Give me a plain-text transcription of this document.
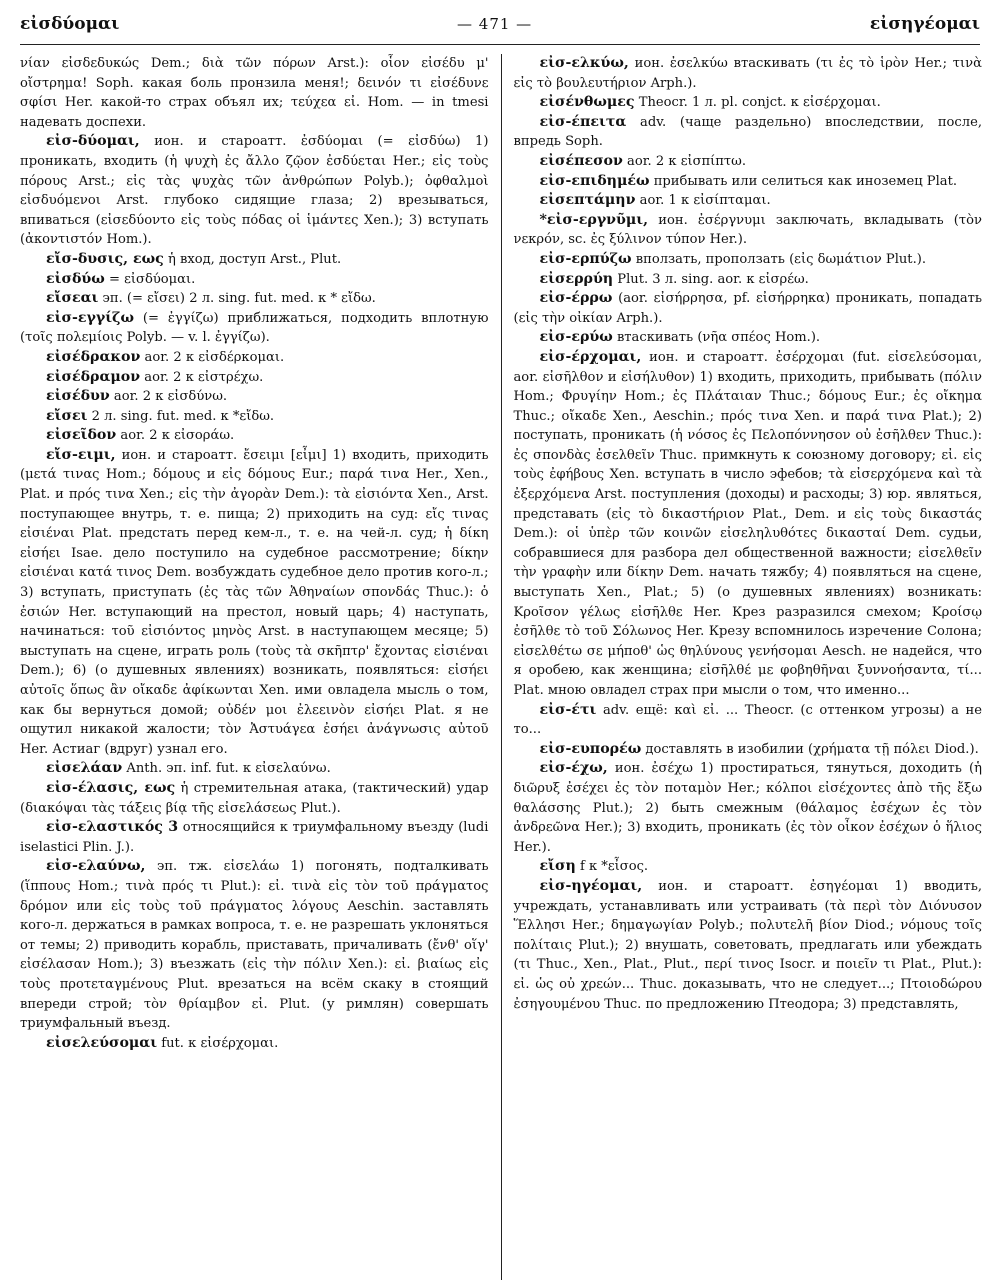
εἰσδύομαι	— 471 —	εἰσηγέομαι

νίαν εἰσδεδυκώς Dem.; διὰ τῶν πόρων Arst.): οἷον εἰσέδυ μ' οἴστρημα! Soph. какая боль пронзила меня!; δεινόν τι εἰσέδυνε σφίσι Her. какой-то страх объял их; τεύχεα εἰ. Hom. — in tmesi надевать доспехи.

εἰσ-δύομαι, ион. и староатт. ἐσδύομαι (= εἰσδύω) 1) проникать, входить (ἡ ψυχὴ ἐς ἄλλο ζῷον ἐσδύεται Her.; εἰς τοὺς πόρους Arst.; εἰς τὰς ψυχὰς τῶν ἀνθρώπων Polyb.); ὀφθαλμοὶ εἰσδυόμενοι Arst. глубоко сидящие глаза; 2) врезываться, впиваться (εἰσεδύοντο εἰς τοὺς πόδας οἱ ἱμάντες Xen.); 3) вступать (ἀκοντιστόν Hom.).

εἴσ-δυσις, εως ἡ вход, доступ Arst., Plut.

εἰσδύω = εἰσδύομαι.

εἴσεαι эп. (= εἴσει) 2 л. sing. fut. med. к * εἴδω.

εἰσ-εγγίζω (= ἐγγίζω) приближаться, подходить вплотную (τοῖς πολεμίοις Polyb. — v. l. ἐγγίζω).

εἰσέδρακον aor. 2 к εἰσδέρκομαι.

εἰσέδραμον aor. 2 к εἰστρέχω.

εἰσέδυν aor. 2 к εἰσδύνω.

εἴσει 2 л. sing. fut. med. к *εἴδω.

εἰσεῖδον aor. 2 к εἰσοράω.

εἴσ-ειμι, ион. и староатт. ἔσειμι [εἶμι] 1) входить, приходить (μετά τινας Hom.; δόμους и εἰς δόμους Eur.; παρά τινα Her., Xen., Plat. и πρός τινα Xen.; εἰς τὴν ἀγορὰν Dem.): τὰ εἰσιόντα Xen., Arst. поступающее внутрь, т. е. пища; 2) приходить на суд: εἴς τινας εἰσιέναι Plat. предстать перед кем-л., т. е. на чей-л. суд; ἡ δίκη εἰσήει Isae. дело поступило на судебное рассмотрение; δίκην εἰσιέναι κατά τινος Dem. возбуждать судебное дело против кого-л.; 3) вступать, приступать (ἐς τὰς τῶν Ἀθηναίων σπονδάς Thuc.): ὁ ἐσιών Her. вступающий на престол, новый царь; 4) наступать, начинаться: τοῦ εἰσιόντος μηνὸς Arst. в наступающем месяце; 5) выступать на сцене, играть роль (τοὺς τὰ σκῆπτρ' ἔχοντας εἰσιέναι Dem.); 6) (о душевных явлениях) возникать, появляться: εἰσήει αὐτοῖς ὅπως ἂν οἴκαδε ἀφίκωνται Xen. ими овладела мысль о том, как бы вернуться домой; οὐδέν μοι ἐλεεινὸν εἰσήει Plat. я не ощутил никакой жалости; τὸν Ἀστυάγεα ἐσήει ἀνάγνωσις αὐτοῦ Her. Астиаг (вдруг) узнал его.

εἰσελάαν Anth. эп. inf. fut. к εἰσελαύνω.

εἰσ-έλασις, εως ἡ стремительная атака, (тактический) удар (διακόψαι τὰς τάξεις βίᾳ τῆς εἰσελάσεως Plut.).

εἰσ-ελαστικός 3 относящийся к триумфальному въезду (ludi iselastici Plin. J.).

εἰσ-ελαύνω, эп. тж. εἰσελάω 1) погонять, подталкивать (ἵππους Hom.; τινὰ πρός τι Plut.): εἰ. τινὰ εἰς τὸν τοῦ πράγματος δρόμον или εἰς τοὺς τοῦ πράγματος λόγους Aeschin. заставлять кого-л. держаться в рамках вопроса, т. е. не разрешать уклоняться от темы; 2) приводить корабль, приставать, причаливать (ἔνθ' οἵγ' εἰσέλασαν Hom.); 3) въезжать (εἰς τὴν πόλιν Xen.): εἰ. βιαίως εἰς τοὺς προτεταγμένους Plut. врезаться на всём скаку в стоящий впереди строй; τὸν θρίαμβον εἰ. Plut. (у римлян) совершать триумфальный въезд.

εἰσελεύσομαι fut. к εἰσέρχομαι.

εἰσ-ελκύω, ион. ἐσελκύω втаскивать (τι ἐς τὸ ἱρὸν Her.; τινὰ εἰς τὸ βουλευτήριον Arph.).

εἰσένθωμες Theocr. 1 л. pl. conjct. к εἰσέρχομαι.

εἰσ-έπειτα adv. (чаще раздельно) впоследствии, после, впредь Soph.

εἰσέπεσον aor. 2 к εἰσπίπτω.

εἰσ-επιδημέω прибывать или селиться как иноземец Plat.

εἰσεπτάμην aor. 1 к εἰσίπταμαι.

*εἰσ-εργνῦμι, ион. ἐσέργνυμι заключать, вкладывать (τὸν νεκρόν, sc. ἐς ξύλινον τύπον Her.).

εἰσ-ερπύζω вползать, проползать (εἰς δωμάτιον Plut.).

εἰσερρύη Plut. 3 л. sing. aor. к εἰσρέω.

εἰσ-έρρω (aor. εἰσήρρησα, pf. εἰσήρρηκα) проникать, попадать (εἰς τὴν οἰκίαν Arph.).

εἰσ-ερύω втаскивать (νῆα σπέος Hom.).

εἰσ-έρχομαι, ион. и староатт. ἐσέρχομαι (fut. εἰσελεύσομαι, aor. εἰσῆλθον и εἰσήλυθον) 1) входить, приходить, прибывать (πόλιν Hom.; Φρυγίην Hom.; ἐς Πλάταιαν Thuc.; δόμους Eur.; ἐς οἴκημα Thuc.; οἴκαδε Xen., Aeschin.; πρός τινα Xen. и παρά τινα Plat.); 2) поступать, проникать (ἡ νόσος ἐς Πελοπόννησον οὐ ἐσῆλθεν Thuc.): ἐς σπονδὰς ἐσελθεῖν Thuc. примкнуть к союзному договору; εἰ. εἰς τοὺς ἐφήβους Xen. вступать в число эфебов; τὰ εἰσερχόμενα καὶ τὰ ἐξερχόμενα Arst. поступления (доходы) и расходы; 3) юр. являться, представать (εἰς τὸ δικαστήριον Plat., Dem. и εἰς τοὺς δικαστάς Dem.): οἱ ὑπὲρ τῶν κοινῶν εἰσεληλυθότες δικασταί Dem. судьи, собравшиеся для разбора дел общественной важности; εἰσελθεῖν τὴν γραφὴν или δίκην Dem. начать тяжбу; 4) появляться на сцене, выступать Xen., Plat.; 5) (о душевных явлениях) возникать: Κροῖσον γέλως εἰσῆλθε Her. Крез разразился смехом; Κροίσῳ ἐσῆλθε τὸ τοῦ Σόλωνος Her. Крезу вспомнилось изречение Солона; εἰσελθέτω σε μήποθ' ὡς θηλύνους γενήσομαι Aesch. не надейся, что я оробею, как женщина; εἰσῆλθέ με φοβηθῆναι ξυννοήσαντα, τί... Plat. мною овладел страх при мысли о том, что именно...

εἰσ-έτι adv. ещё: καὶ εἰ. ... Theocr. (с оттенком угрозы) а не то...

εἰσ-ευπορέω доставлять в изобилии (χρήματα τῇ πόλει Diod.).

εἰσ-έχω, ион. ἐσέχω 1) простираться, тянуться, доходить (ἡ διῶρυξ ἐσέχει ἐς τὸν ποταμὸν Her.; κόλποι εἰσέχοντες ἀπὸ τῆς ἔξω θαλάσσης Plut.); 2) быть смежным (θάλαμος ἐσέχων ἐς τὸν ἀνδρεῶνα Her.); 3) входить, проникать (ἐς τὸν οἶκον ἐσέχων ὁ ἥλιος Her.).

εἴση f к *εἶσος.

εἰσ-ηγέομαι, ион. и староатт. ἐσηγέομαι 1) вводить, учреждать, устанавливать или устраивать (τὰ περὶ τὸν Διόνυσον Ἕλλησι Her.; δημαγωγίαν Polyb.; πολυτελῆ βίον Diod.; νόμους τοῖς πολίταις Plut.); 2) внушать, советовать, предлагать или убеждать (τι Thuc., Xen., Plat., Plut., περί τινος Isocr. и ποιεῖν τι Plat., Plut.): εἰ. ὡς οὐ χρεών... Thuc. доказывать, что не следует...; Πτοιοδώρου ἐσηγουμένου Thuc. по предложению Птеодора; 3) представлять,
